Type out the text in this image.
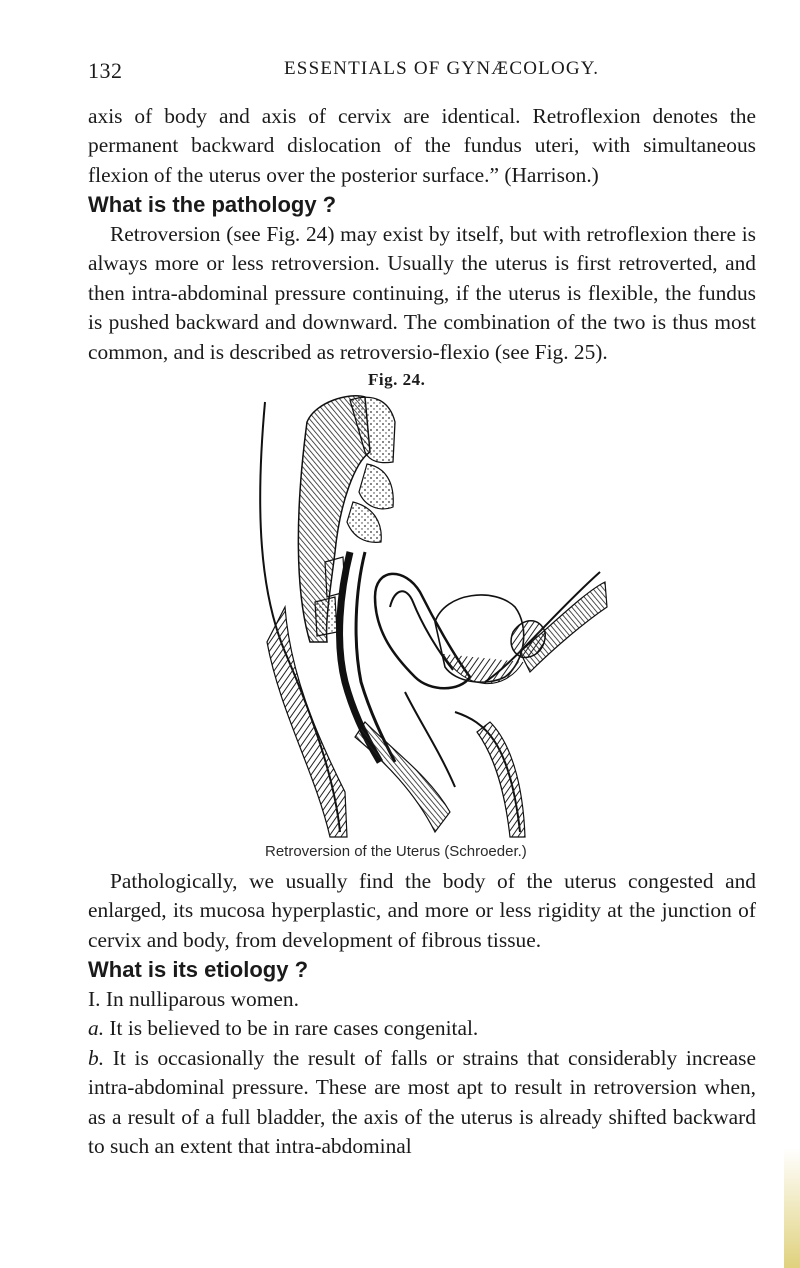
132	ESSENTIALS OF GYNÆCOLOGY.

axis of body and axis of cervix are identical. Retroflexion denotes the permanent backward dislocation of the fundus uteri, with simultaneous flexion of the uterus over the posterior surface.” (Harrison.)

What is the pathology ?

Retroversion (see Fig. 24) may exist by itself, but with retroflexion there is always more or less retroversion. Usually the uterus is first retroverted, and then intra-abdominal pressure continuing, if the uterus is flexible, the fundus is pushed backward and downward. The combination of the two is thus most common, and is described as retroversio-flexio (see Fig. 25).

Fig. 24.
Retroversion of the Uterus (Schroeder.)

Pathologically, we usually find the body of the uterus congested and enlarged, its mucosa hyperplastic, and more or less rigidity at the junction of cervix and body, from development of fibrous tissue.

What is its etiology ?

I. In nulliparous women.

a. It is believed to be in rare cases congenital.

b. It is occasionally the result of falls or strains that considerably increase intra-abdominal pressure. These are most apt to result in retroversion when, as a result of a full bladder, the axis of the uterus is already shifted backward to such an extent that intra-abdominal
